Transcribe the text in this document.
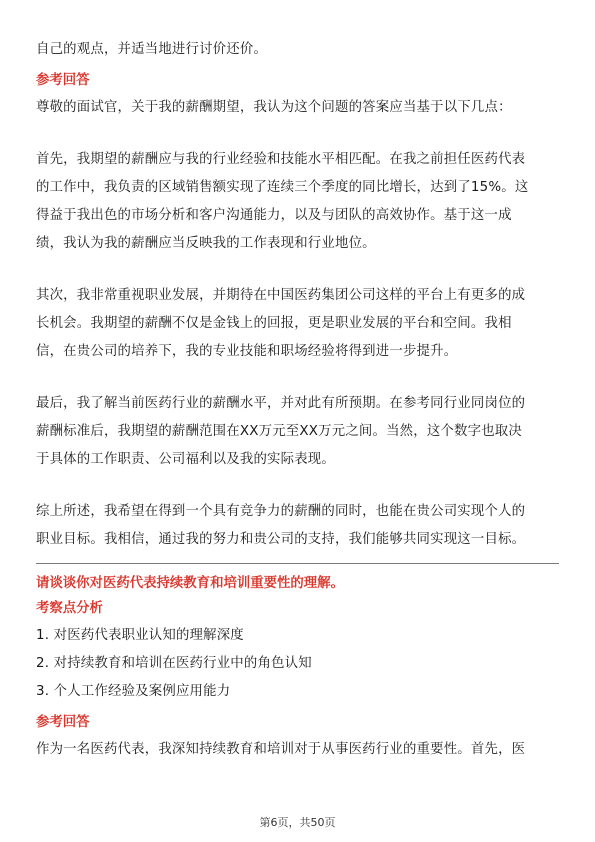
自己的观点，并适当地进行讨价还价。
参考回答
尊敬的面试官，关于我的薪酬期望，我认为这个问题的答案应当基于以下几点：
首先，我期望的薪酬应与我的行业经验和技能水平相匹配。在我之前担任医药代表
的工作中，我负责的区域销售额实现了连续三个季度的同比增长，达到了15%。这
得益于我出色的市场分析和客户沟通能力，以及与团队的高效协作。基于这一成
绩，我认为我的薪酬应当反映我的工作表现和行业地位。
其次，我非常重视职业发展，并期待在中国医药集团公司这样的平台上有更多的成
长机会。我期望的薪酬不仅是金钱上的回报，更是职业发展的平台和空间。我相
信，在贵公司的培养下，我的专业技能和职场经验将得到进一步提升。
最后，我了解当前医药行业的薪酬水平，并对此有所预期。在参考同行业同岗位的
薪酬标准后，我期望的薪酬范围在XX万元至XX万元之间。当然，这个数字也取决
于具体的工作职责、公司福利以及我的实际表现。
综上所述，我希望在得到一个具有竞争力的薪酬的同时，也能在贵公司实现个人的
职业目标。我相信，通过我的努力和贵公司的支持，我们能够共同实现这一目标。
请谈谈你对医药代表持续教育和培训重要性的理解。
考察点分析
1. 对医药代表职业认知的理解深度
2. 对持续教育和培训在医药行业中的角色认知
3. 个人工作经验及案例应用能力
参考回答
作为一名医药代表，我深知持续教育和培训对于从事医药行业的重要性。首先，医
第6页，共50页
